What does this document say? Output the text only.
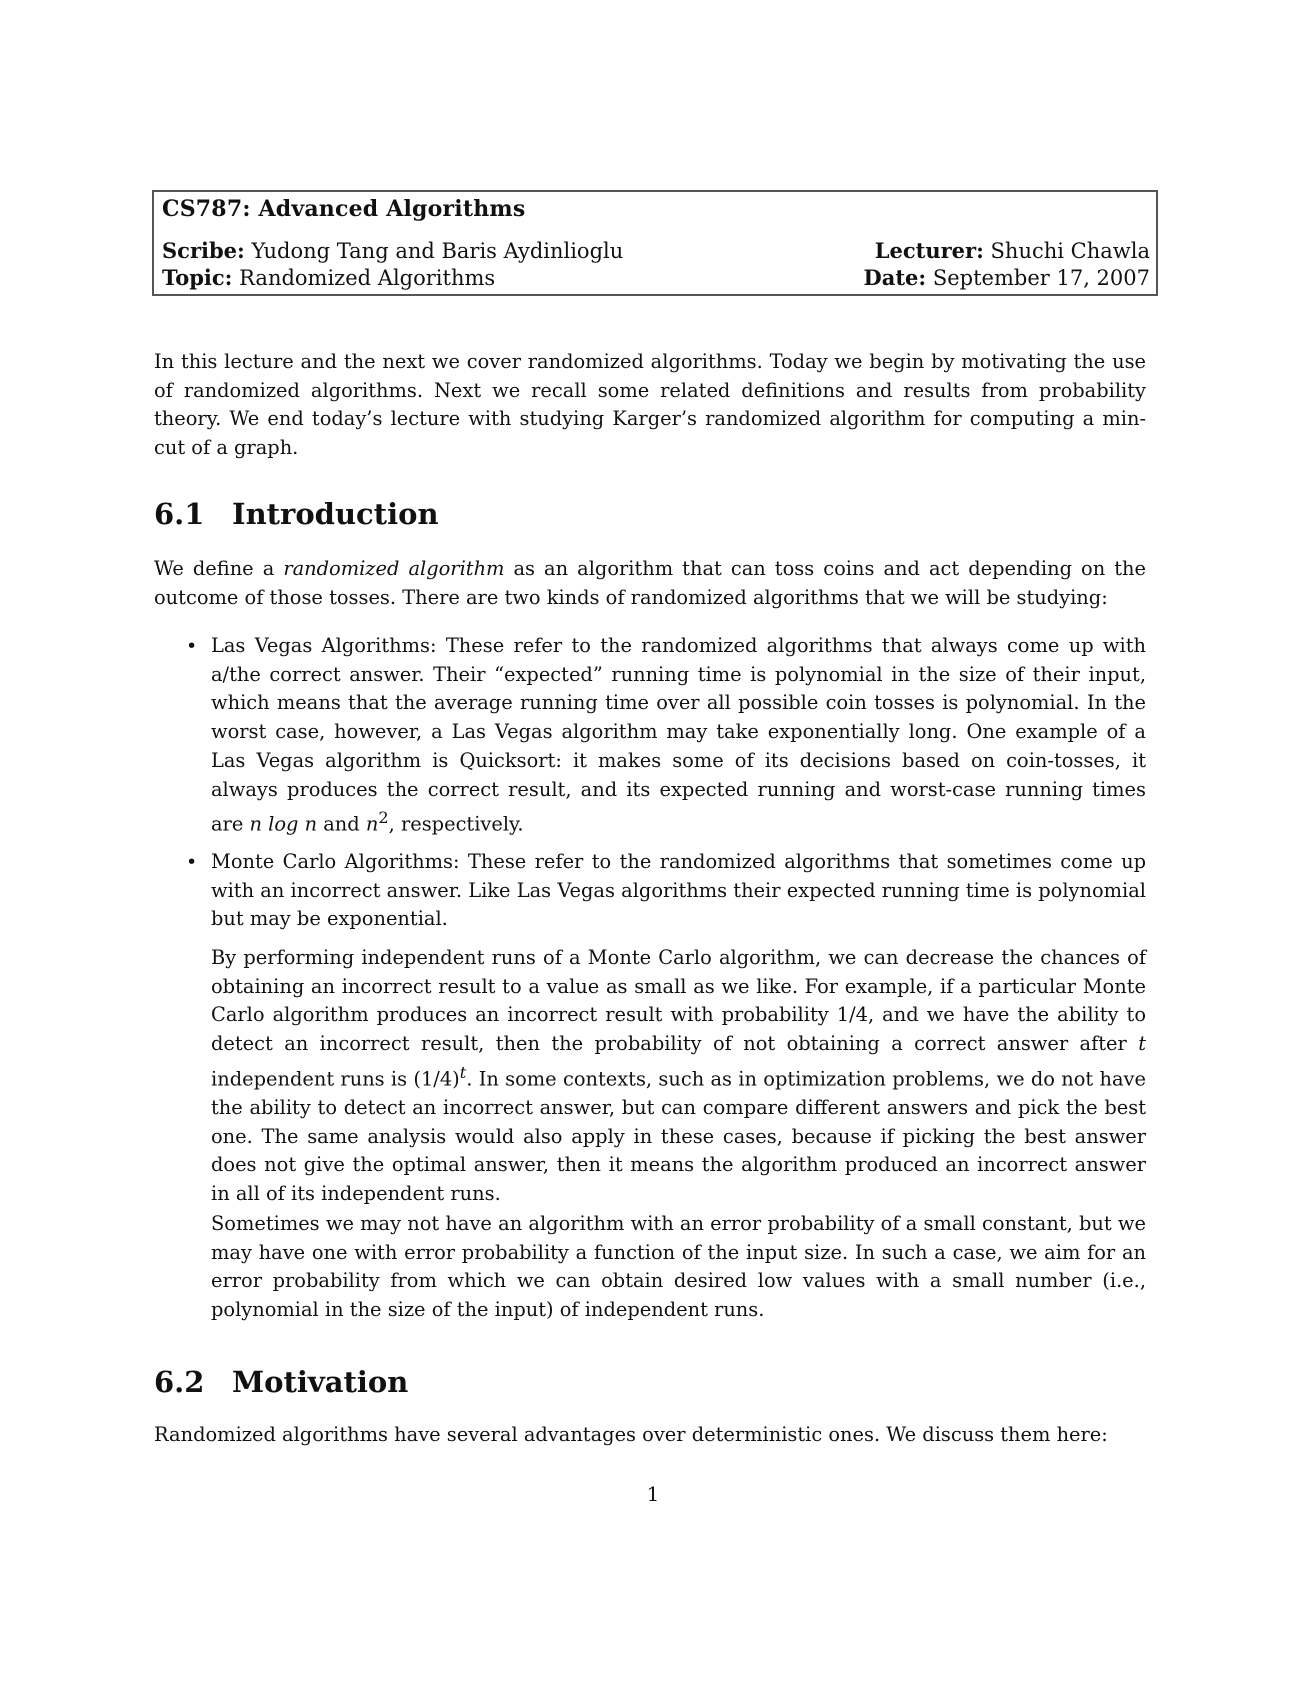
CS787: Advanced Algorithms
Scribe: Yudong Tang and Baris Aydinlioglu	Lecturer: Shuchi Chawla
Topic: Randomized Algorithms	Date: September 17, 2007

In this lecture and the next we cover randomized algorithms. Today we begin by motivating the use of randomized algorithms. Next we recall some related definitions and results from probability theory. We end today’s lecture with studying Karger’s randomized algorithm for computing a min-cut of a graph.

6.1 Introduction

We define a randomized algorithm as an algorithm that can toss coins and act depending on the outcome of those tosses. There are two kinds of randomized algorithms that we will be studying:

• Las Vegas Algorithms: These refer to the randomized algorithms that always come up with a/the correct answer. Their “expected” running time is polynomial in the size of their input, which means that the average running time over all possible coin tosses is polynomial. In the worst case, however, a Las Vegas algorithm may take exponentially long. One example of a Las Vegas algorithm is Quicksort: it makes some of its decisions based on coin-tosses, it always produces the correct result, and its expected running and worst-case running times are n log n and $n^2$, respectively.

• Monte Carlo Algorithms: These refer to the randomized algorithms that sometimes come up with an incorrect answer. Like Las Vegas algorithms their expected running time is polynomial but may be exponential.

By performing independent runs of a Monte Carlo algorithm, we can decrease the chances of obtaining an incorrect result to a value as small as we like. For example, if a particular Monte Carlo algorithm produces an incorrect result with probability 1/4, and we have the ability to detect an incorrect result, then the probability of not obtaining a correct answer after t independent runs is $(1/4)^t$. In some contexts, such as in optimization problems, we do not have the ability to detect an incorrect answer, but can compare different answers and pick the best one. The same analysis would also apply in these cases, because if picking the best answer does not give the optimal answer, then it means the algorithm produced an incorrect answer in all of its independent runs.

Sometimes we may not have an algorithm with an error probability of a small constant, but we may have one with error probability a function of the input size. In such a case, we aim for an error probability from which we can obtain desired low values with a small number (i.e., polynomial in the size of the input) of independent runs.

6.2 Motivation

Randomized algorithms have several advantages over deterministic ones. We discuss them here:

1
